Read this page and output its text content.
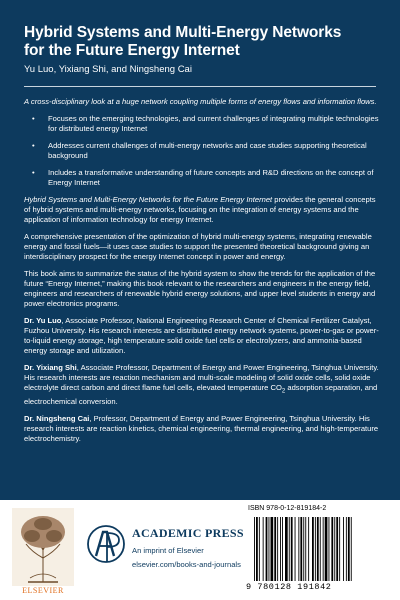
Hybrid Systems and Multi-Energy Networks
for the Future Energy Internet
Yu Luo, Yixiang Shi, and Ningsheng Cai

A cross-disciplinary look at a huge network coupling multiple forms of energy flows and information flows.

• Focuses on the emerging technologies, and current challenges of integrating multiple technologies for distributed energy Internet
• Addresses current challenges of multi-energy networks and case studies supporting theoretical background
• Includes a transformative understanding of future concepts and R&D directions on the concept of Energy Internet

Hybrid Systems and Multi-Energy Networks for the Future Energy Internet provides the general concepts of hybrid systems and multi-energy networks, focusing on the integration of energy systems and the application of information technology for energy Internet.

A comprehensive presentation of the optimization of hybrid multi-energy systems, integrating renewable energy and fossil fuels—it uses case studies to support the presented theoretical background giving an interdisciplinary prospect for the energy Internet concept in power and energy.

This book aims to summarize the status of the hybrid system to show the trends for the application of the future “Energy Internet,” making this book relevant to the researchers and engineers in the energy field, engineers and researchers of renewable hybrid energy solutions, and upper level students in energy and power electronics programs.

Dr. Yu Luo, Associate Professor, National Engineering Research Center of Chemical Fertilizer Catalyst, Fuzhou University. His research interests are distributed energy network systems, power-to-gas or power-to-liquid energy storage, high temperature solid oxide fuel cells or electrolyzers, and ammonia-based energy storage and utilization.

Dr. Yixiang Shi, Associate Professor, Department of Energy and Power Engineering, Tsinghua University. His research interests are reaction mechanism and multi-scale modeling of solid oxide cells, solid oxide electrolyte direct carbon and direct flame fuel cells, elevated temperature $CO_2$ adsorption separation, and electrochemical conversion.

Dr. Ningsheng Cai, Professor, Department of Energy and Power Engineering, Tsinghua University. His research interests are reaction kinetics, chemical engineering, thermal engineering, and high-temperature electrochemistry.

ELSEVIER
ACADEMIC PRESS
An imprint of Elsevier
elsevier.com/books-and-journals
ISBN 978-0-12-819184-2
9 780128 191842
